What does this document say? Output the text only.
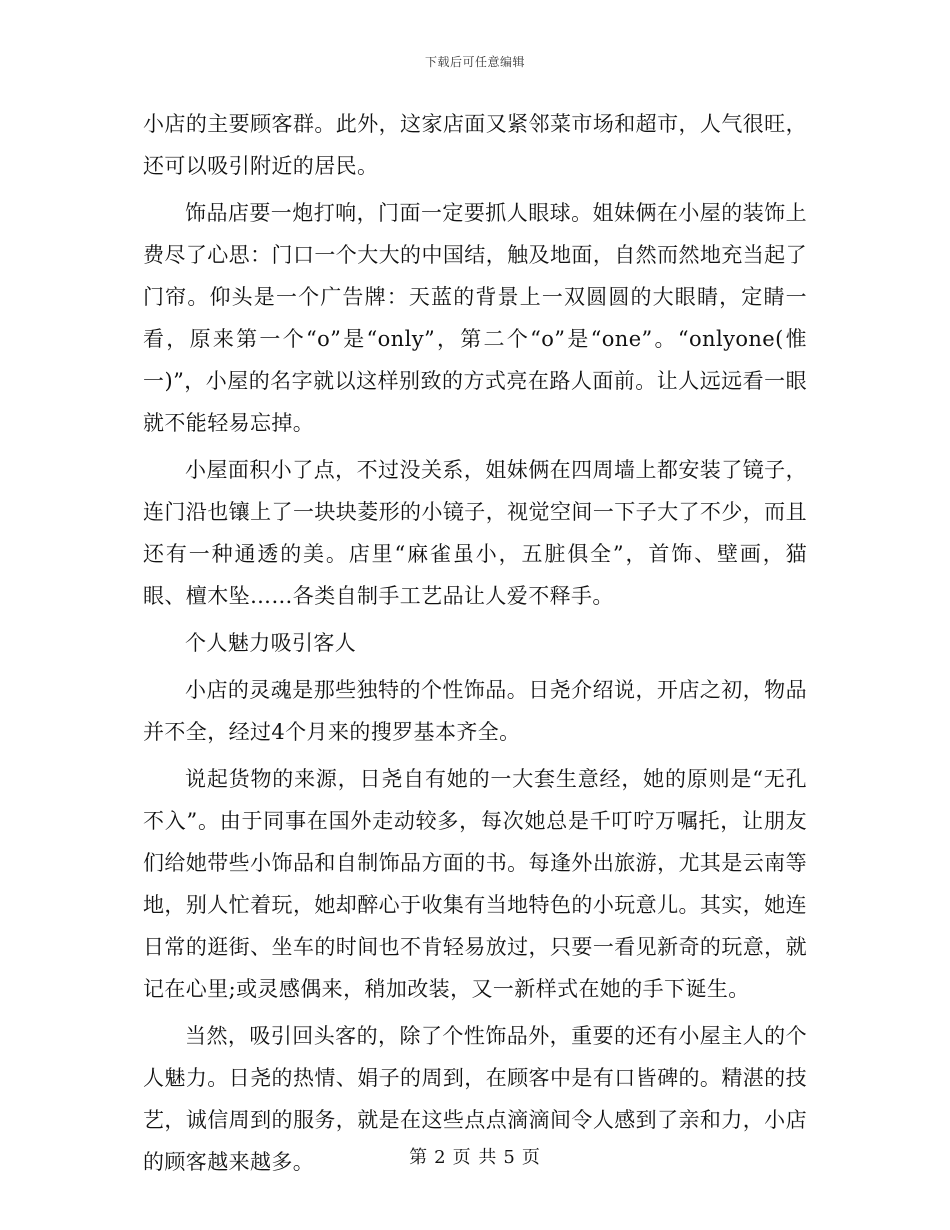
下载后可任意编辑

小店的主要顾客群。此外，这家店面又紧邻菜市场和超市，人气很旺，还可以吸引附近的居民。

饰品店要一炮打响，门面一定要抓人眼球。姐妹俩在小屋的装饰上费尽了心思：门口一个大大的中国结，触及地面，自然而然地充当起了门帘。仰头是一个广告牌：天蓝的背景上一双圆圆的大眼睛，定睛一看，原来第一个“o”是“only”，第二个“o”是“one”。“onlyone(惟一)”，小屋的名字就以这样别致的方式亮在路人面前。让人远远看一眼就不能轻易忘掉。

小屋面积小了点，不过没关系，姐妹俩在四周墙上都安装了镜子，连门沿也镶上了一块块菱形的小镜子，视觉空间一下子大了不少，而且还有一种通透的美。店里“麻雀虽小，五脏俱全”，首饰、壁画，猫眼、檀木坠……各类自制手工艺品让人爱不释手。

个人魅力吸引客人

小店的灵魂是那些独特的个性饰品。日尧介绍说，开店之初，物品并不全，经过4个月来的搜罗基本齐全。

说起货物的来源，日尧自有她的一大套生意经，她的原则是“无孔不入”。由于同事在国外走动较多，每次她总是千叮咛万嘱托，让朋友们给她带些小饰品和自制饰品方面的书。每逢外出旅游，尤其是云南等地，别人忙着玩，她却醉心于收集有当地特色的小玩意儿。其实，她连日常的逛街、坐车的时间也不肯轻易放过，只要一看见新奇的玩意，就记在心里;或灵感偶来，稍加改装，又一新样式在她的手下诞生。

当然，吸引回头客的，除了个性饰品外，重要的还有小屋主人的个人魅力。日尧的热情、娟子的周到，在顾客中是有口皆碑的。精湛的技艺，诚信周到的服务，就是在这些点点滴滴间令人感到了亲和力，小店的顾客越来越多。	第 2 页 共 5 页
